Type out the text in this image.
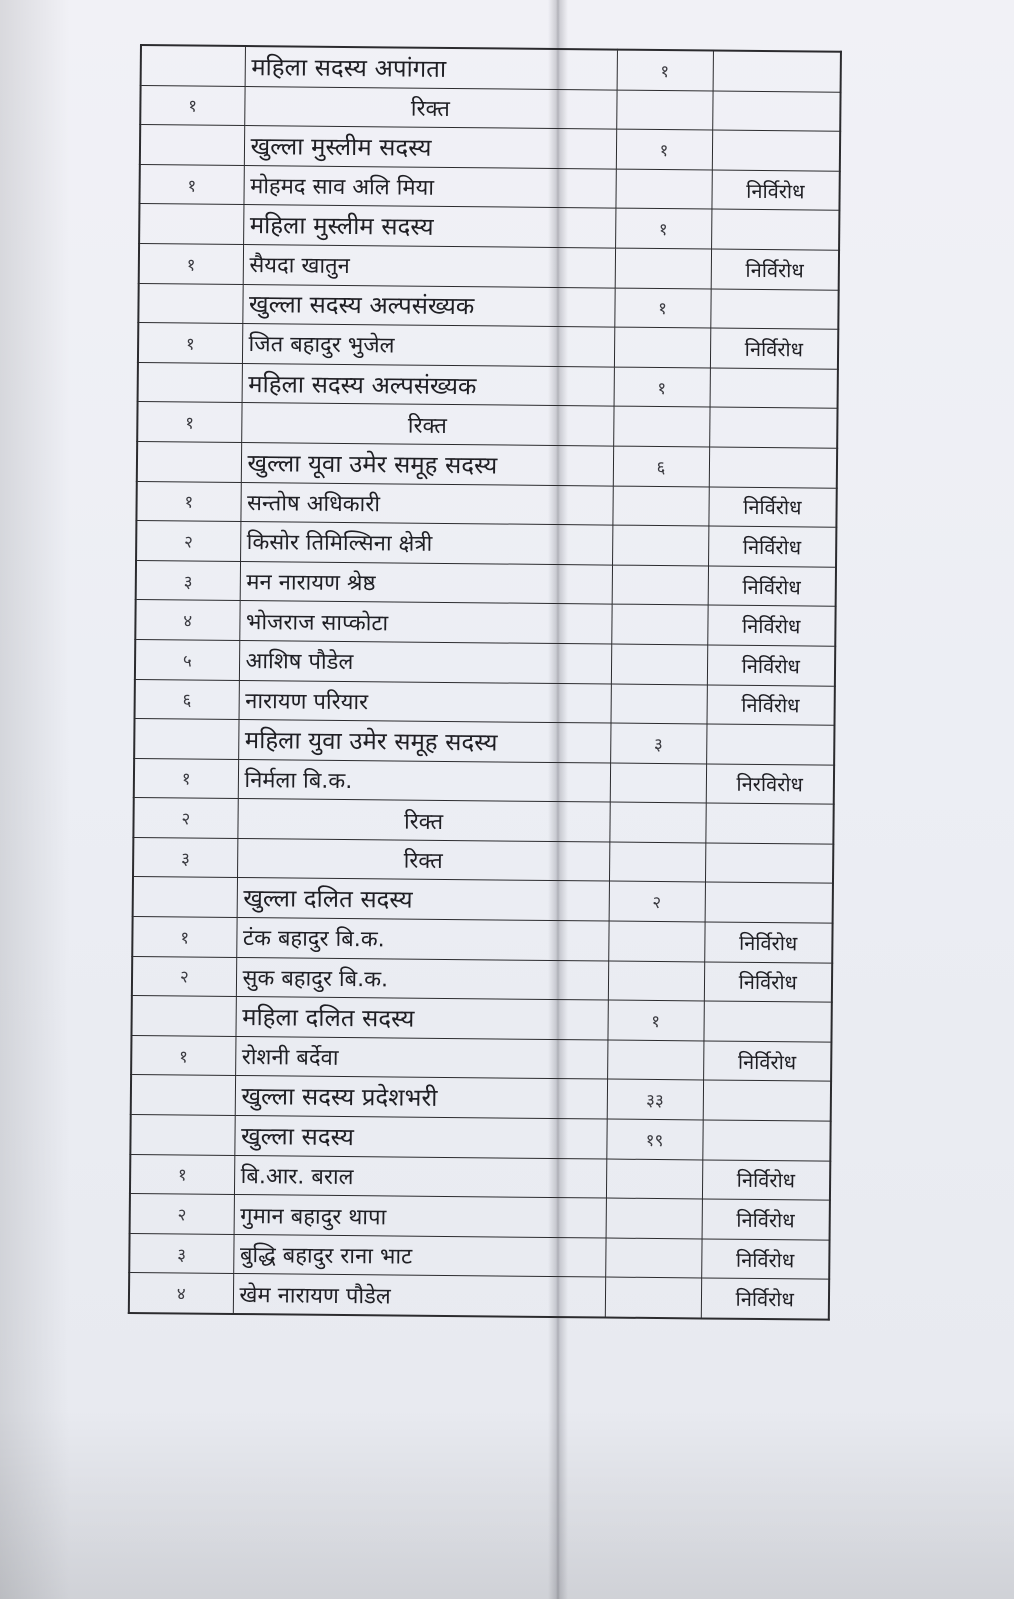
	महिला सदस्य अपांगता	१	
१	रिक्त		
	खुल्ला मुस्लीम सदस्य	१	
१	मोहमद साव अलि मिया		निर्विरोध
	महिला मुस्लीम सदस्य	१	
१	सैयदा खातुन		निर्विरोध
	खुल्ला सदस्य अल्पसंख्यक	१	
१	जित बहादुर भुजेल		निर्विरोध
	महिला सदस्य अल्पसंख्यक	१	
१	रिक्त		
	खुल्ला यूवा उमेर समूह सदस्य	६	
१	सन्तोष अधिकारी		निर्विरोध
२	किसोर तिमिल्सिना क्षेत्री		निर्विरोध
३	मन नारायण श्रेष्ठ		निर्विरोध
४	भोजराज साप्कोटा		निर्विरोध
५	आशिष पौडेल		निर्विरोध
६	नारायण परियार		निर्विरोध
	महिला युवा उमेर समूह सदस्य	३	
१	निर्मला बि.क.		निरविरोध
२	रिक्त		
३	रिक्त		
	खुल्ला दलित सदस्य	२	
१	टंक बहादुर बि.क.		निर्विरोध
२	सुक बहादुर बि.क.		निर्विरोध
	महिला दलित सदस्य	१	
१	रोशनी बर्देवा		निर्विरोध
	खुल्ला सदस्य प्रदेशभरी	३३	
	खुल्ला सदस्य	१९	
१	बि.आर. बराल		निर्विरोध
२	गुमान बहादुर थापा		निर्विरोध
३	बुद्धि बहादुर राना भाट		निर्विरोध
४	खेम नारायण पौडेल		निर्विरोध
